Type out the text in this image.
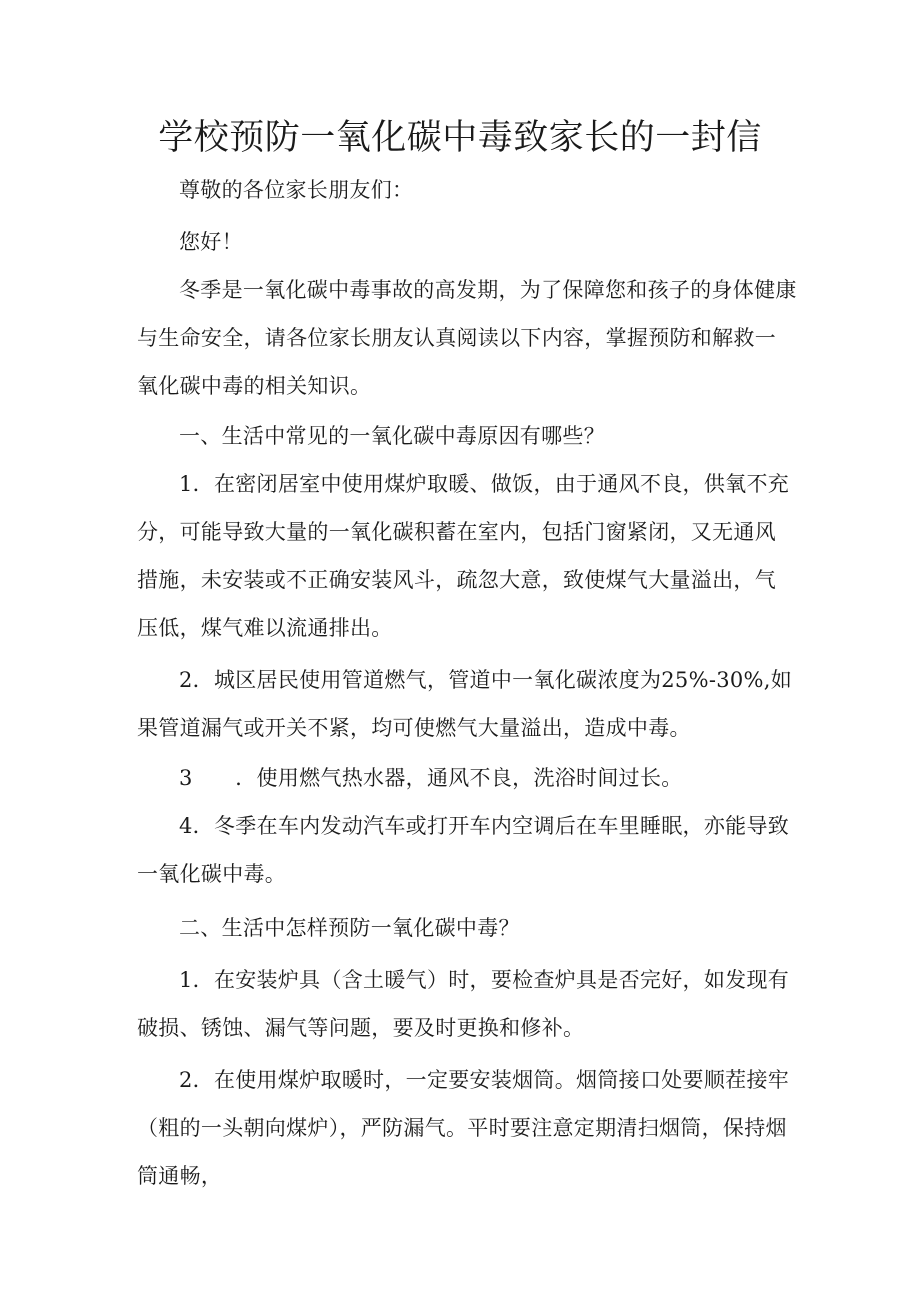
学校预防一氧化碳中毒致家长的一封信

尊敬的各位家长朋友们：

您好！

冬季是一氧化碳中毒事故的高发期，为了保障您和孩子的身体健康与生命安全，请各位家长朋友认真阅读以下内容，掌握预防和解救一氧化碳中毒的相关知识。

一、生活中常见的一氧化碳中毒原因有哪些？

1．在密闭居室中使用煤炉取暖、做饭，由于通风不良，供氧不充分，可能导致大量的一氧化碳积蓄在室内，包括门窗紧闭，又无通风措施，未安装或不正确安装风斗，疏忽大意，致使煤气大量溢出，气压低，煤气难以流通排出。

2．城区居民使用管道燃气，管道中一氧化碳浓度为25%-30%,如果管道漏气或开关不紧，均可使燃气大量溢出，造成中毒。

3　　．使用燃气热水器，通风不良，洗浴时间过长。

4．冬季在车内发动汽车或打开车内空调后在车里睡眠，亦能导致一氧化碳中毒。

二、生活中怎样预防一氧化碳中毒？

1．在安装炉具（含土暖气）时，要检查炉具是否完好，如发现有破损、锈蚀、漏气等问题，要及时更换和修补。

2．在使用煤炉取暖时，一定要安装烟筒。烟筒接口处要顺茬接牢（粗的一头朝向煤炉），严防漏气。平时要注意定期清扫烟筒，保持烟筒通畅，
